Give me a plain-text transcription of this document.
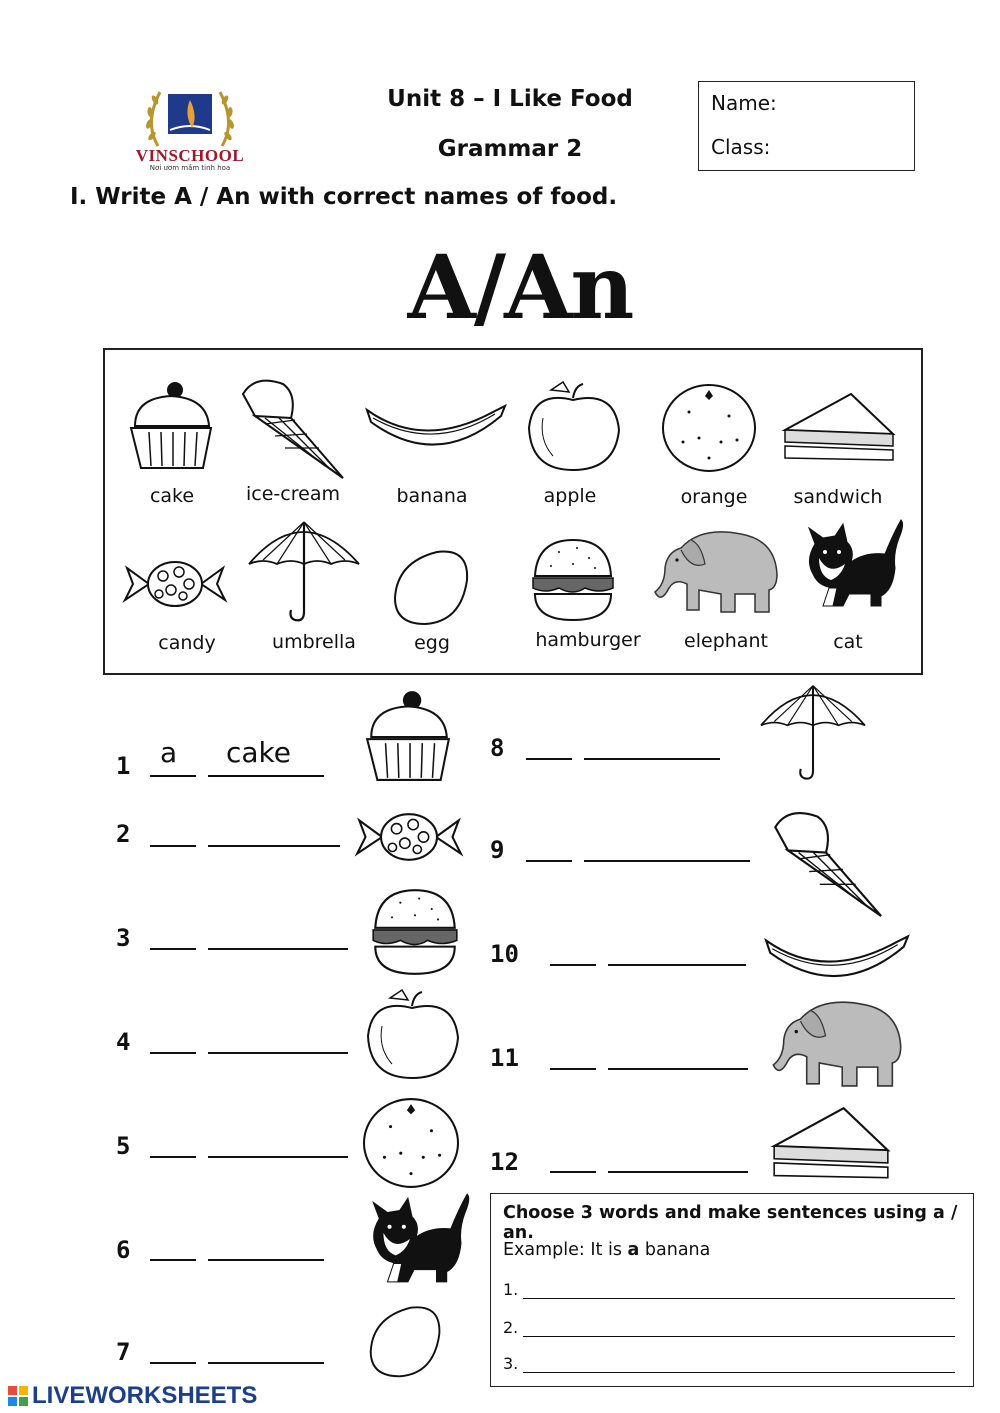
VINSCHOOL
Nơi ươm mầm tinh hoa
Unit 8 – I Like Food
Grammar 2
Name:
Class:
I. Write A / An with correct names of food.
A/An
cake	ice-cream	banana	apple	orange	sandwich
candy	umbrella	egg	hamburger	elephant	cat
1 a cake
2
3
4
5
6
7
8
9
10
11
12
Choose 3 words and make sentences using a / an.
Example: It is a banana
1.
2.
3.
LIVEWORKSHEETS
